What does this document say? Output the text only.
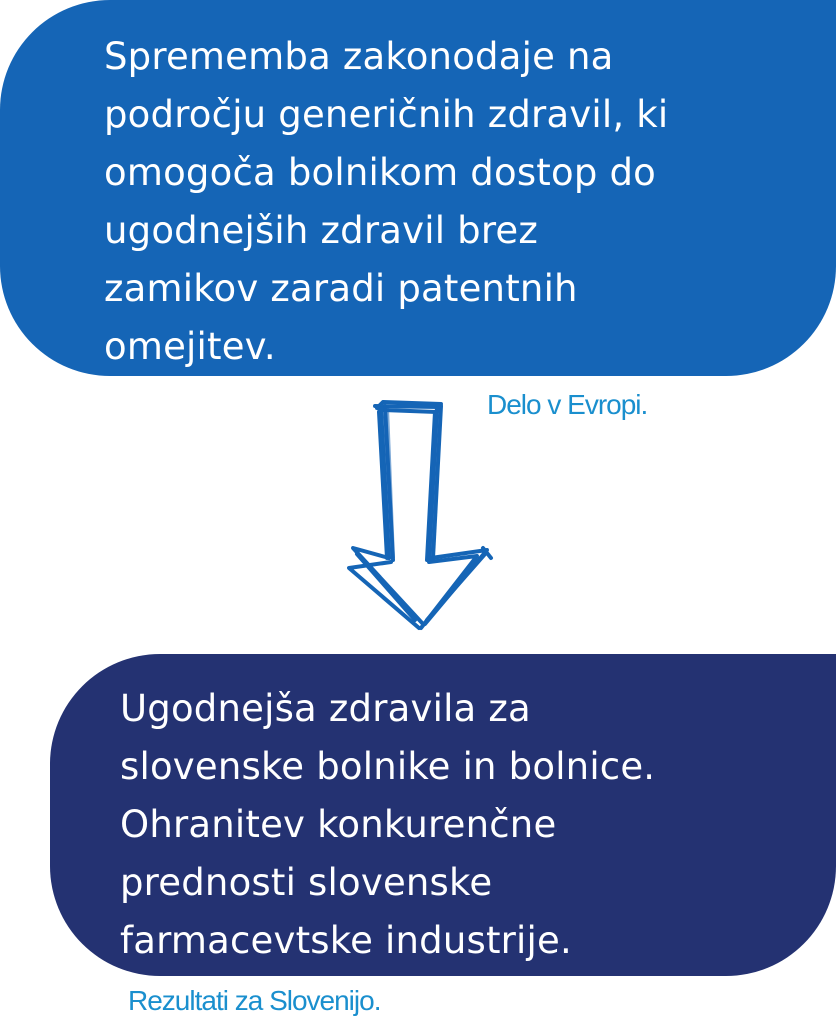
Sprememba zakonodaje na
področju generičnih zdravil, ki
omogoča bolnikom dostop do
ugodnejših zdravil brez
zamikov zaradi patentnih
omejitev.

Delo v Evropi.

Ugodnejša zdravila za
slovenske bolnike in bolnice.
Ohranitev konkurenčne
prednosti slovenske
farmacevtske industrije.

Rezultati za Slovenijo.
